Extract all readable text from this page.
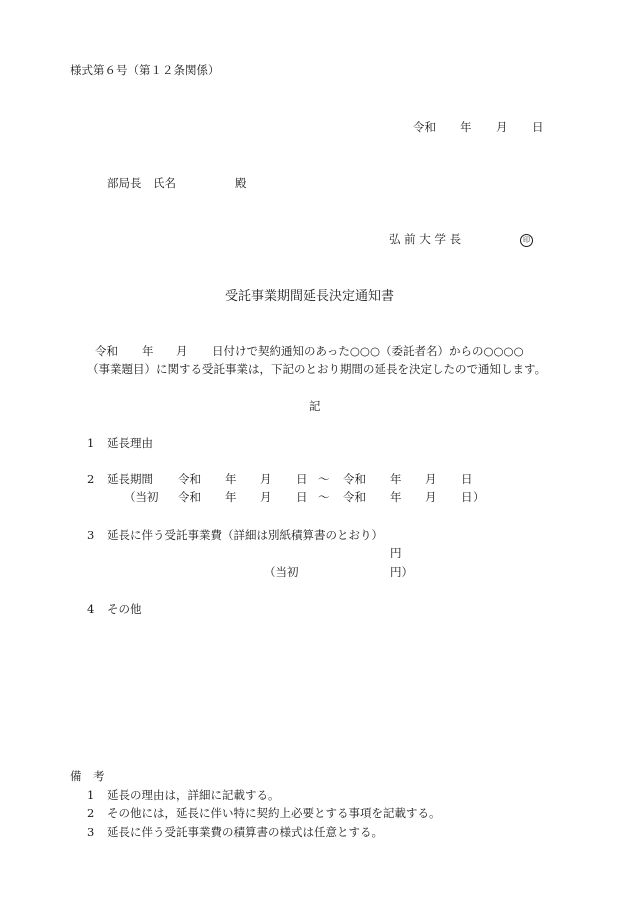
様式第６号（第１２条関係）
令和 年 月 日
部局長 氏名	殿
弘 前 大 学 長	印
受託事業期間延長決定通知書
令和 年 月 日付けで契約通知のあった○○○（委託者名）からの○○○○
（事業題目）に関する受託事業は，下記のとおり期間の延長を決定したので通知します。
記
1 延長理由
2 延長期間 令和 年 月 日 ～ 令和 年 月 日
（当初 令和 年 月 日 ～ 令和 年 月 日 ）
3 延長に伴う受託事業費（詳細は別紙積算書のとおり）
円
（当初	円）
4 その他
備　考
1 延長の理由は，詳細に記載する。
2 その他には，延長に伴い特に契約上必要とする事項を記載する。
3 延長に伴う受託事業費の積算書の様式は任意とする。
